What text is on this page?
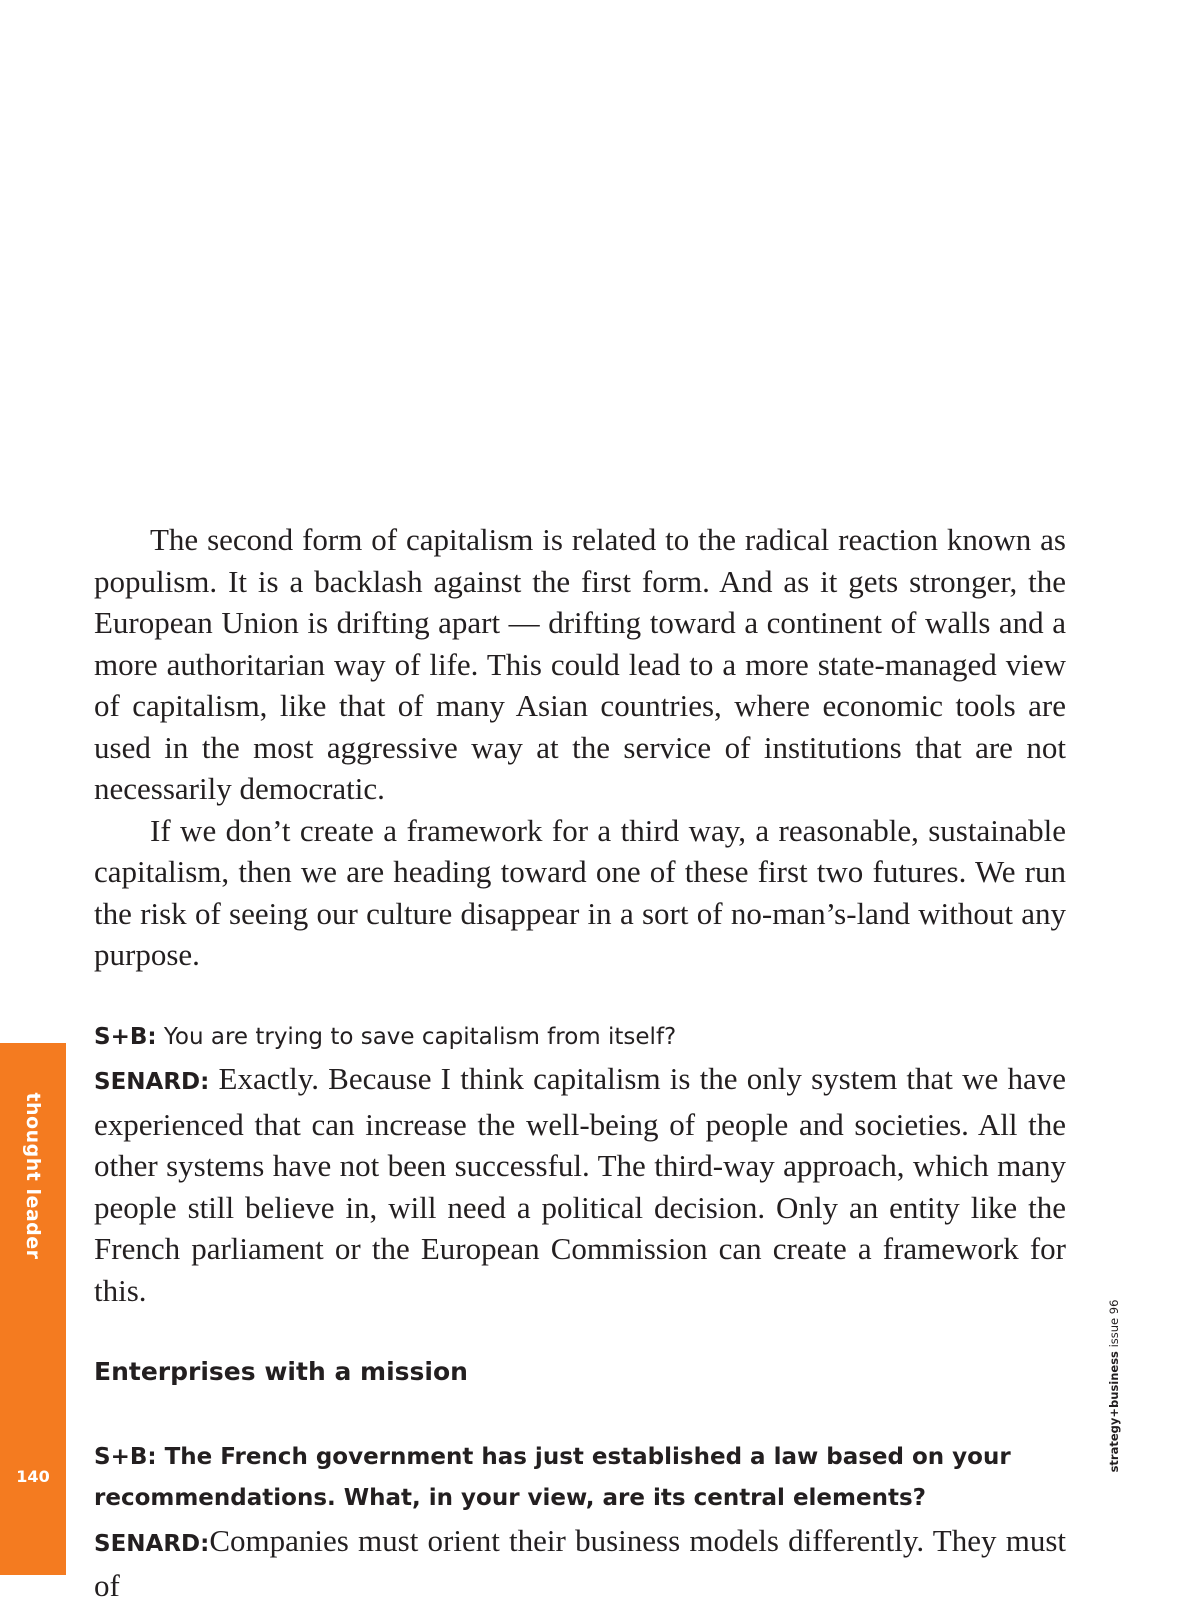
thought leader
140
strategy+business issue 96

The second form of capitalism is related to the radical reaction known as populism. It is a backlash against the first form. And as it gets stronger, the European Union is drifting apart — drifting toward a continent of walls and a more authoritarian way of life. This could lead to a more state-managed view of capitalism, like that of many Asian countries, where economic tools are used in the most aggressive way at the service of institutions that are not necessarily democratic.

If we don’t create a framework for a third way, a reasonable, sustainable capitalism, then we are heading toward one of these first two futures. We run the risk of seeing our culture disappear in a sort of no-man’s-land without any purpose.

S+B: You are trying to save capitalism from itself?

SENARD: Exactly. Because I think capitalism is the only system that we have experienced that can increase the well-being of people and societies. All the other systems have not been successful. The third-way approach, which many people still believe in, will need a political decision. Only an entity like the French parliament or the European Commission can create a framework for this.

Enterprises with a mission

S+B: The French government has just established a law based on your recommendations. What, in your view, are its central elements?

SENARD:Companies must orient their business models differently. They must of
